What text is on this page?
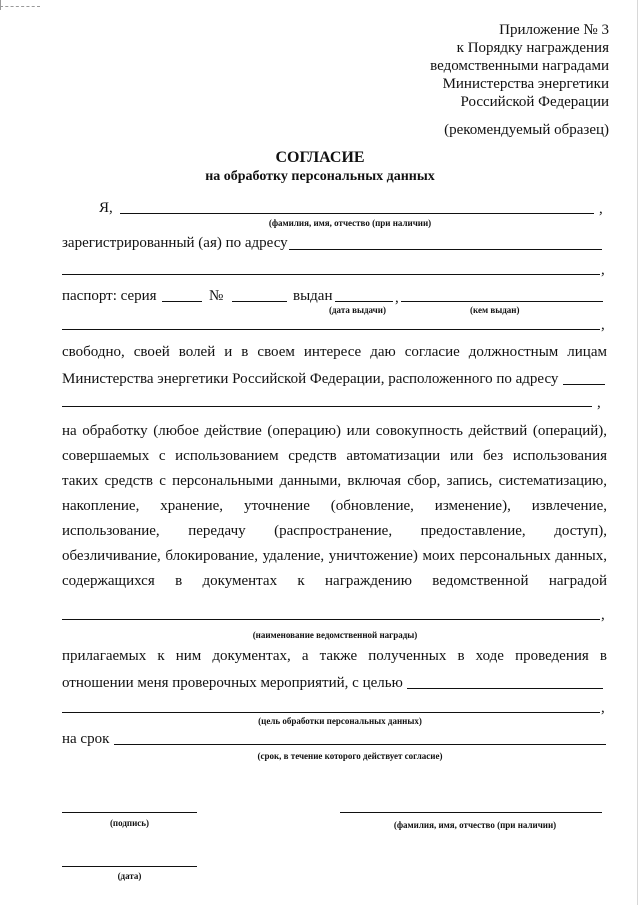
Приложение № 3
к Порядку награждения
ведомственными наградами
Министерства энергетики
Российской Федерации
(рекомендуемый образец)
СОГЛАСИЕ
на обработку персональных данных
Я,	,
(фамилия, имя, отчество (при наличии)
зарегистрированный (ая) по адресу
,
паспорт: серия	№	выдан	,
(дата выдачи)	(кем выдан)
,
свободно, своей волей и в своем интересе даю согласие должностным лицам
Министерства энергетики Российской Федерации, расположенного по адресу
,
на обработку (любое действие (операцию) или совокупность действий (операций),
совершаемых с использованием средств автоматизации или без использования
таких средств с персональными данными, включая сбор, запись, систематизацию,
накопление, хранение, уточнение (обновление, изменение), извлечение,
использование, передачу (распространение, предоставление, доступ),
обезличивание, блокирование, удаление, уничтожение) моих персональных данных,
содержащихся в документах к награждению ведомственной наградой
,
(наименование ведомственной награды)
прилагаемых к ним документах, а также полученных в ходе проведения в
отношении меня проверочных мероприятий, с целью
,
(цель обработки персональных данных)
на срок
(срок, в течение которого действует согласие)
(подпись)	(фамилия, имя, отчество (при наличии)
(дата)
